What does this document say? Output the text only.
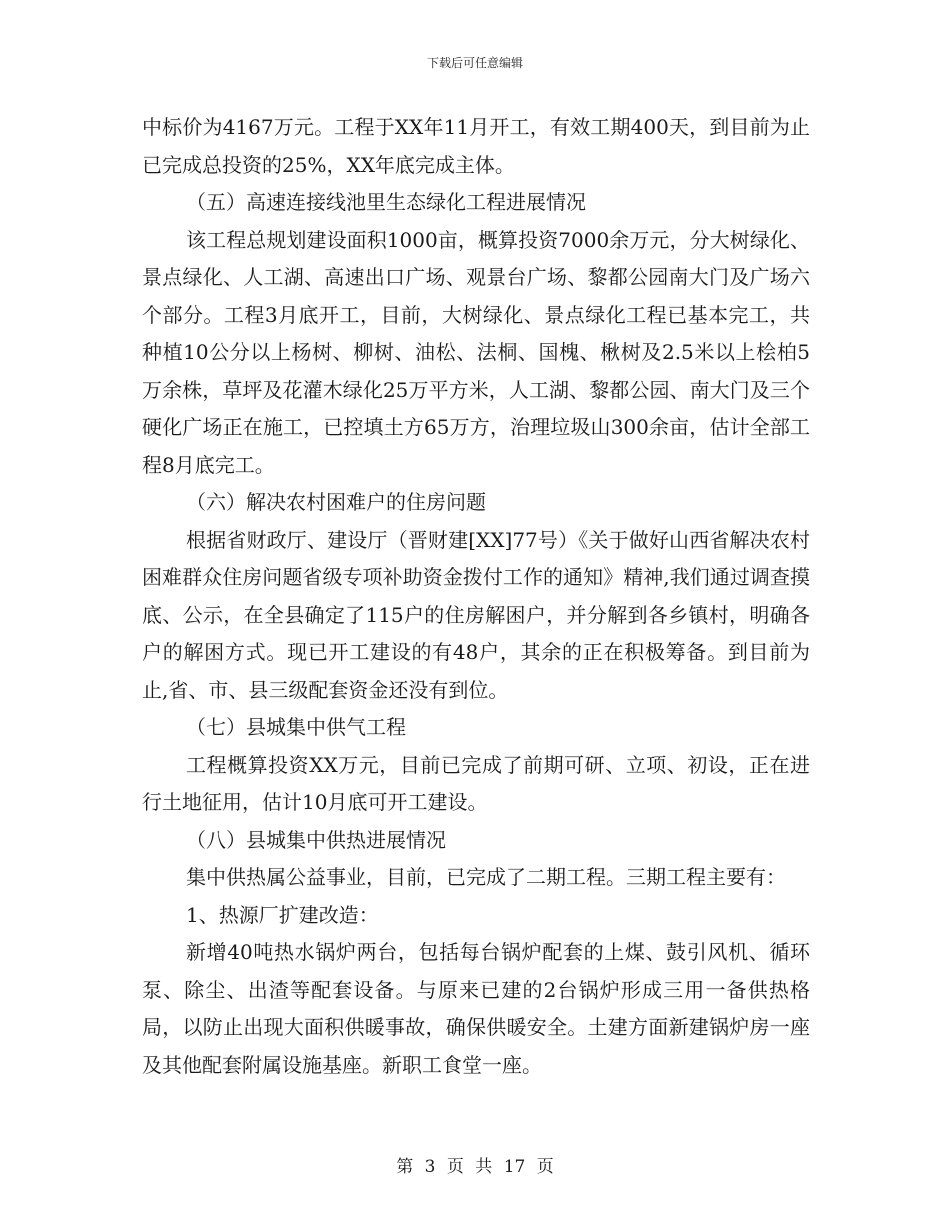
下载后可任意编辑

中标价为4167万元。工程于XX年11月开工，有效工期400天，到目前为止已完成总投资的25%，XX年底完成主体。

（五）高速连接线池里生态绿化工程进展情况

该工程总规划建设面积1000亩，概算投资7000余万元，分大树绿化、景点绿化、人工湖、高速出口广场、观景台广场、黎都公园南大门及广场六个部分。工程3月底开工，目前，大树绿化、景点绿化工程已基本完工，共种植10公分以上杨树、柳树、油松、法桐、国槐、楸树及2.5米以上桧柏5万余株，草坪及花灌木绿化25万平方米，人工湖、黎都公园、南大门及三个硬化广场正在施工，已控填土方65万方，治理垃圾山300余亩，估计全部工程8月底完工。

（六）解决农村困难户的住房问题

根据省财政厅、建设厅（晋财建[XX]77号）《关于做好山西省解决农村困难群众住房问题省级专项补助资金拨付工作的通知》精神,我们通过调查摸底、公示，在全县确定了115户的住房解困户，并分解到各乡镇村，明确各户的解困方式。现已开工建设的有48户，其余的正在积极筹备。到目前为止,省、市、县三级配套资金还没有到位。

（七）县城集中供气工程

工程概算投资XX万元，目前已完成了前期可研、立项、初设，正在进行土地征用，估计10月底可开工建设。

（八）县城集中供热进展情况

集中供热属公益事业，目前，已完成了二期工程。三期工程主要有：

1、热源厂扩建改造：

新增40吨热水锅炉两台，包括每台锅炉配套的上煤、鼓引风机、循环泵、除尘、出渣等配套设备。与原来已建的2台锅炉形成三用一备供热格局，以防止出现大面积供暖事故，确保供暖安全。土建方面新建锅炉房一座及其他配套附属设施基座。新职工食堂一座。

第 3 页 共 17 页
